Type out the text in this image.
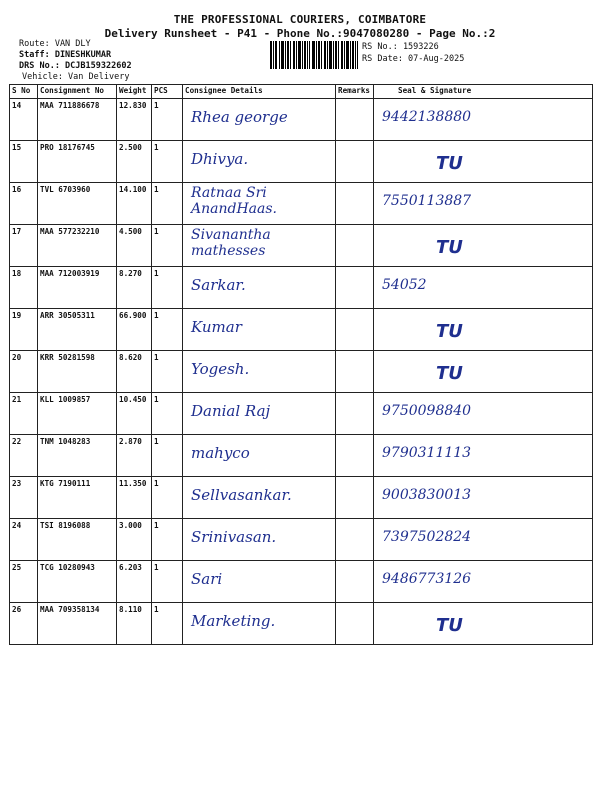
THE PROFESSIONAL COURIERS, COIMBATORE
Delivery Runsheet - P41 - Phone No.:9047080280 - Page No.:2
Route: VAN DLY
Staff: DINESHKUMAR
DRS No.: DCJB159322602
Vehicle: Van Delivery
RS No.: 1593226
RS Date: 07-Aug-2025
S No	Consignment No	Weight	PCS	Consignee Details	Remarks	Seal & Signature
14	MAA 711886678	12.830	1	Rhea george		9442138880

15	PRO 18176745	2.500	1	Dhivya.		TU

16	TVL 6703960	14.100	1	Ratnaa Sri
AnandHaas.		7550113887

17	MAA 577232210	4.500	1	Sivanantha
mathesses		TU

18	MAA 712003919	8.270	1	Sarkar.		54052

19	ARR 30505311	66.900	1	Kumar		TU

20	KRR 50281598	8.620	1	Yogesh.		TU

21	KLL 1009857	10.450	1	Danial Raj		9750098840

22	TNM 1048283	2.870	1	mahyco		9790311113

23	KTG 7190111	11.350	1	Sellvasankar.		9003830013

24	TSI 8196088	3.000	1	Srinivasan.		7397502824

25	TCG 10280943	6.203	1	Sari		9486773126

26	MAA 709358134	8.110	1	Marketing.		TU
